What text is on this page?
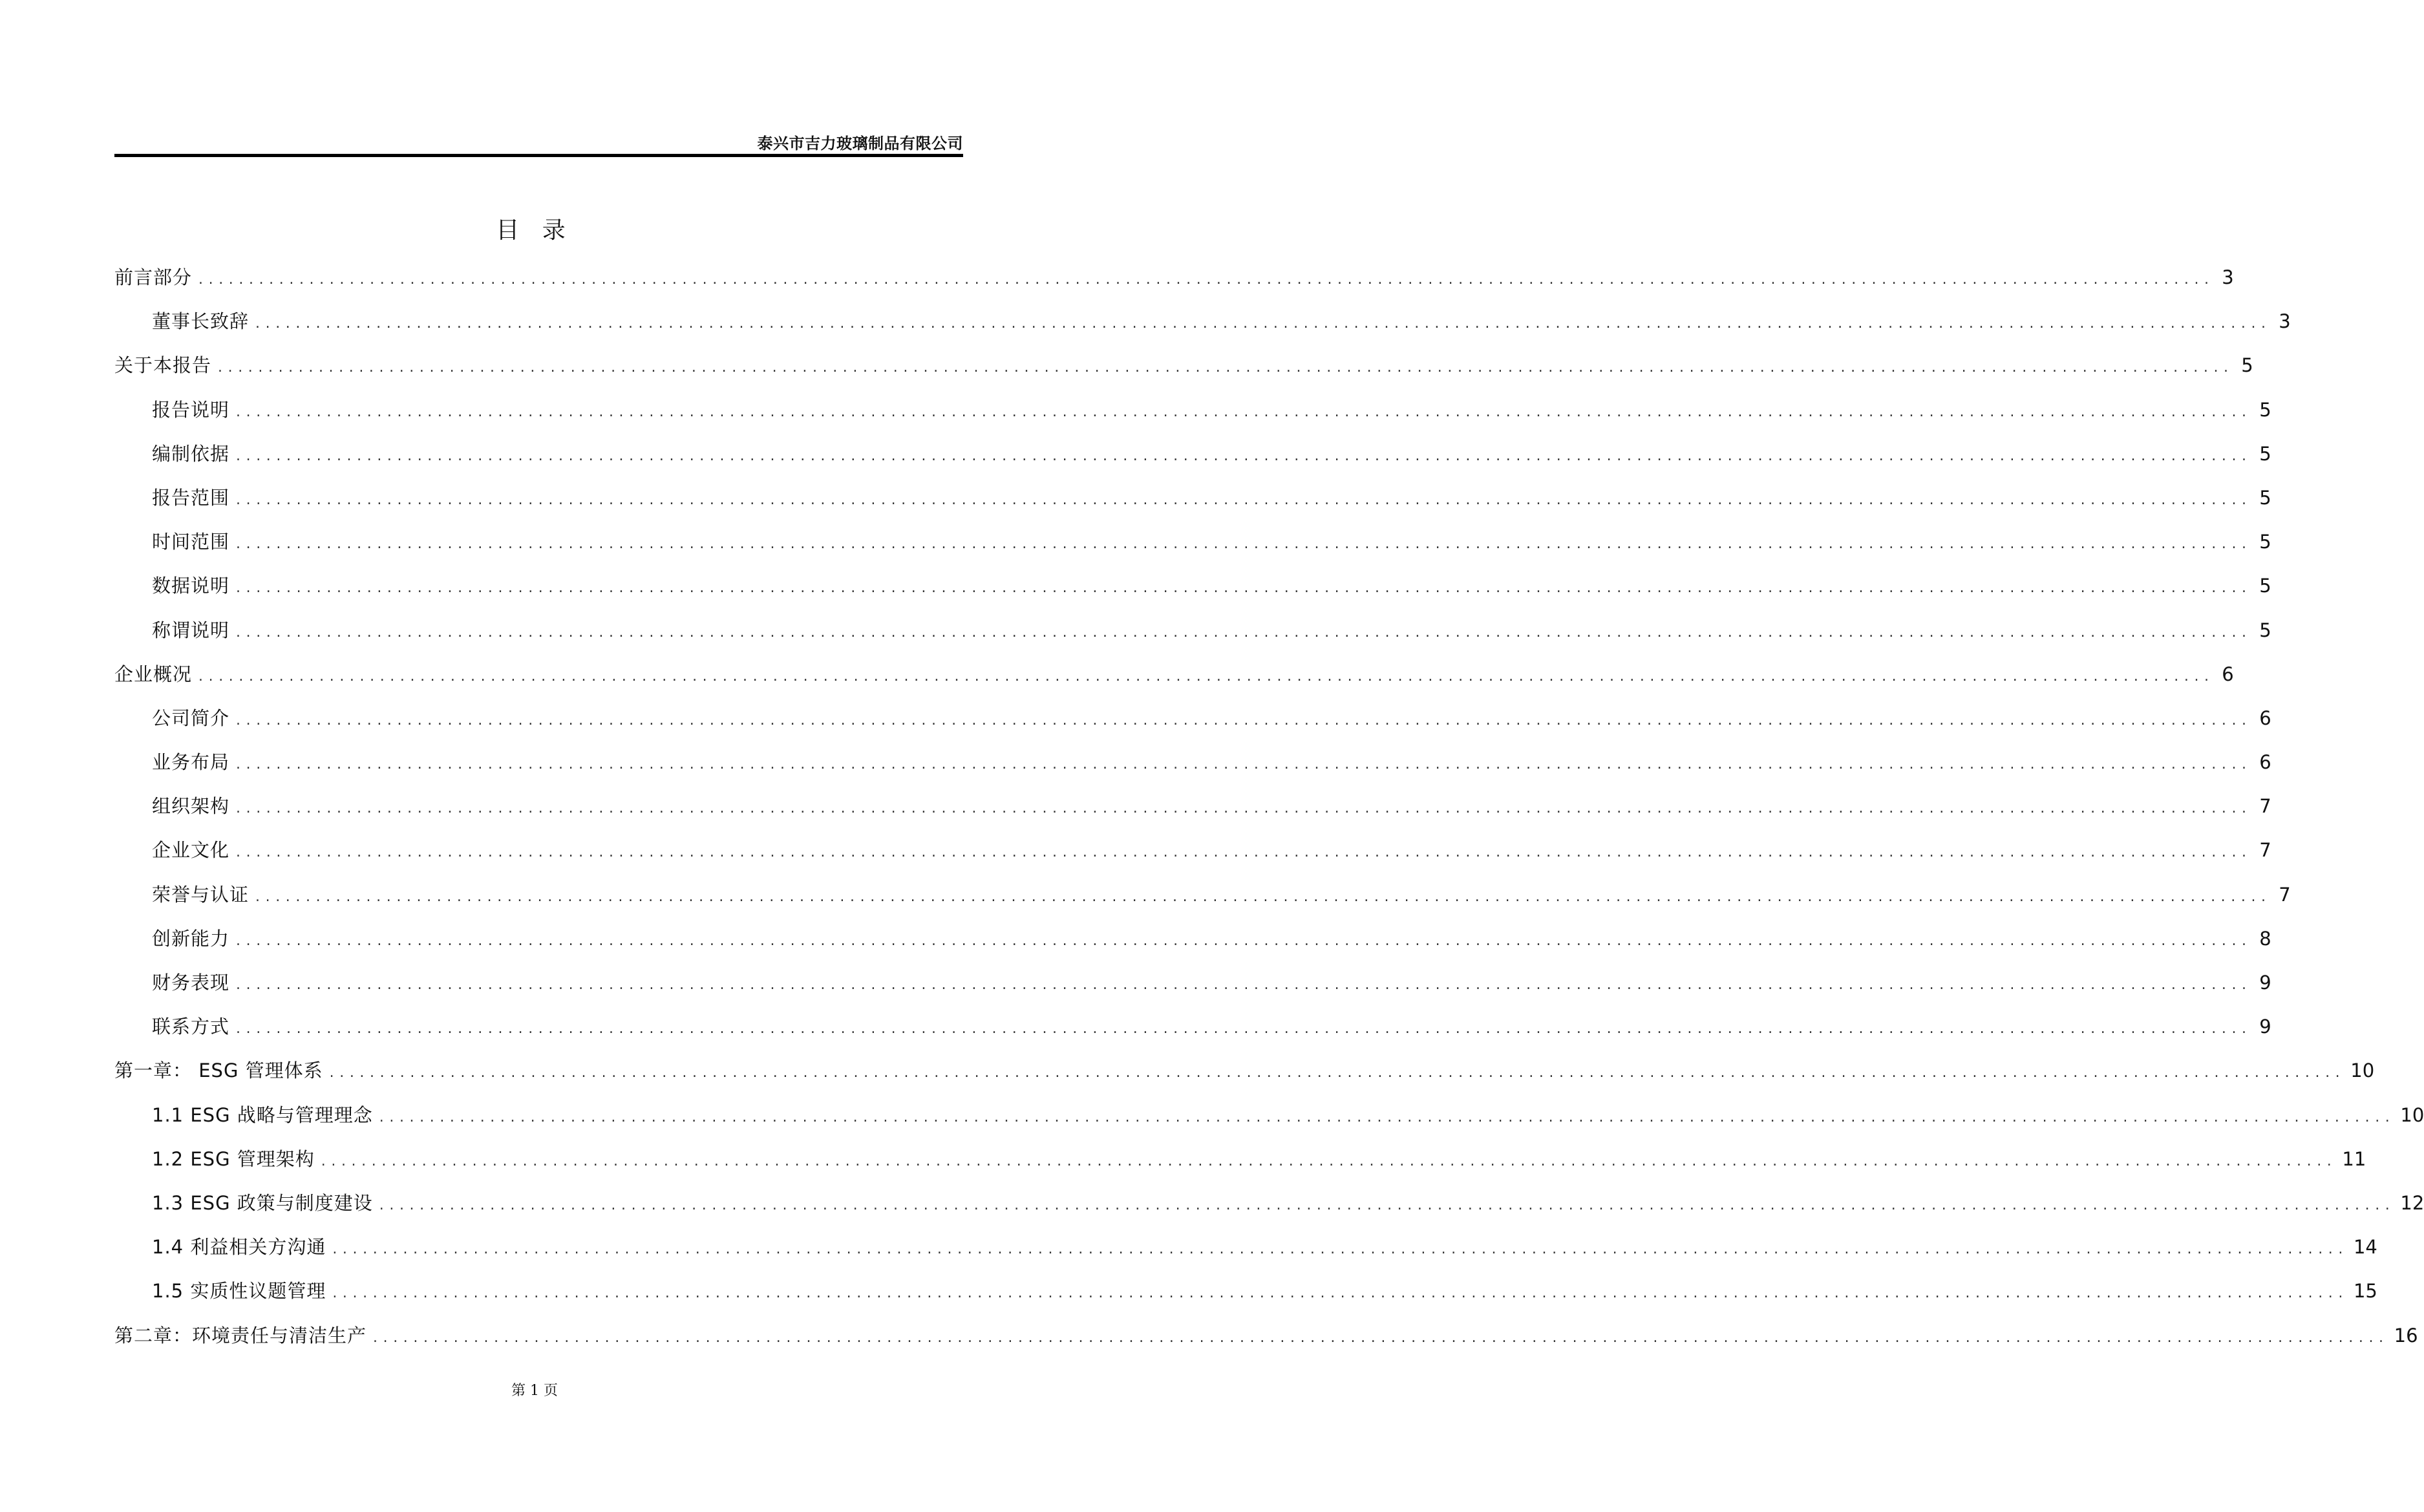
泰兴市吉力玻璃制品有限公司
目 录
前言部分 ........................................................................................................................................................................................................ 3
董事长致辞 ........................................................................................................................................................................................................ 3
关于本报告 ........................................................................................................................................................................................................ 5
报告说明 ........................................................................................................................................................................................................ 5
编制依据 ........................................................................................................................................................................................................ 5
报告范围 ........................................................................................................................................................................................................ 5
时间范围 ........................................................................................................................................................................................................ 5
数据说明 ........................................................................................................................................................................................................ 5
称谓说明 ........................................................................................................................................................................................................ 5
企业概况 ........................................................................................................................................................................................................ 6
公司简介 ........................................................................................................................................................................................................ 6
业务布局 ........................................................................................................................................................................................................ 6
组织架构 ........................................................................................................................................................................................................ 7
企业文化 ........................................................................................................................................................................................................ 7
荣誉与认证 ........................................................................................................................................................................................................ 7
创新能力 ........................................................................................................................................................................................................ 8
财务表现 ........................................................................................................................................................................................................ 9
联系方式 ........................................................................................................................................................................................................ 9
第一章： ESG 管理体系 ........................................................................................................................................................................................................ 10
1.1 ESG 战略与管理理念 ........................................................................................................................................................................................................ 10
1.2 ESG 管理架构 ........................................................................................................................................................................................................ 11
1.3 ESG 政策与制度建设 ........................................................................................................................................................................................................ 12
1.4 利益相关方沟通 ........................................................................................................................................................................................................ 14
1.5 实质性议题管理 ........................................................................................................................................................................................................ 15
第二章：环境责任与清洁生产 ........................................................................................................................................................................................................ 16
第 1 页
